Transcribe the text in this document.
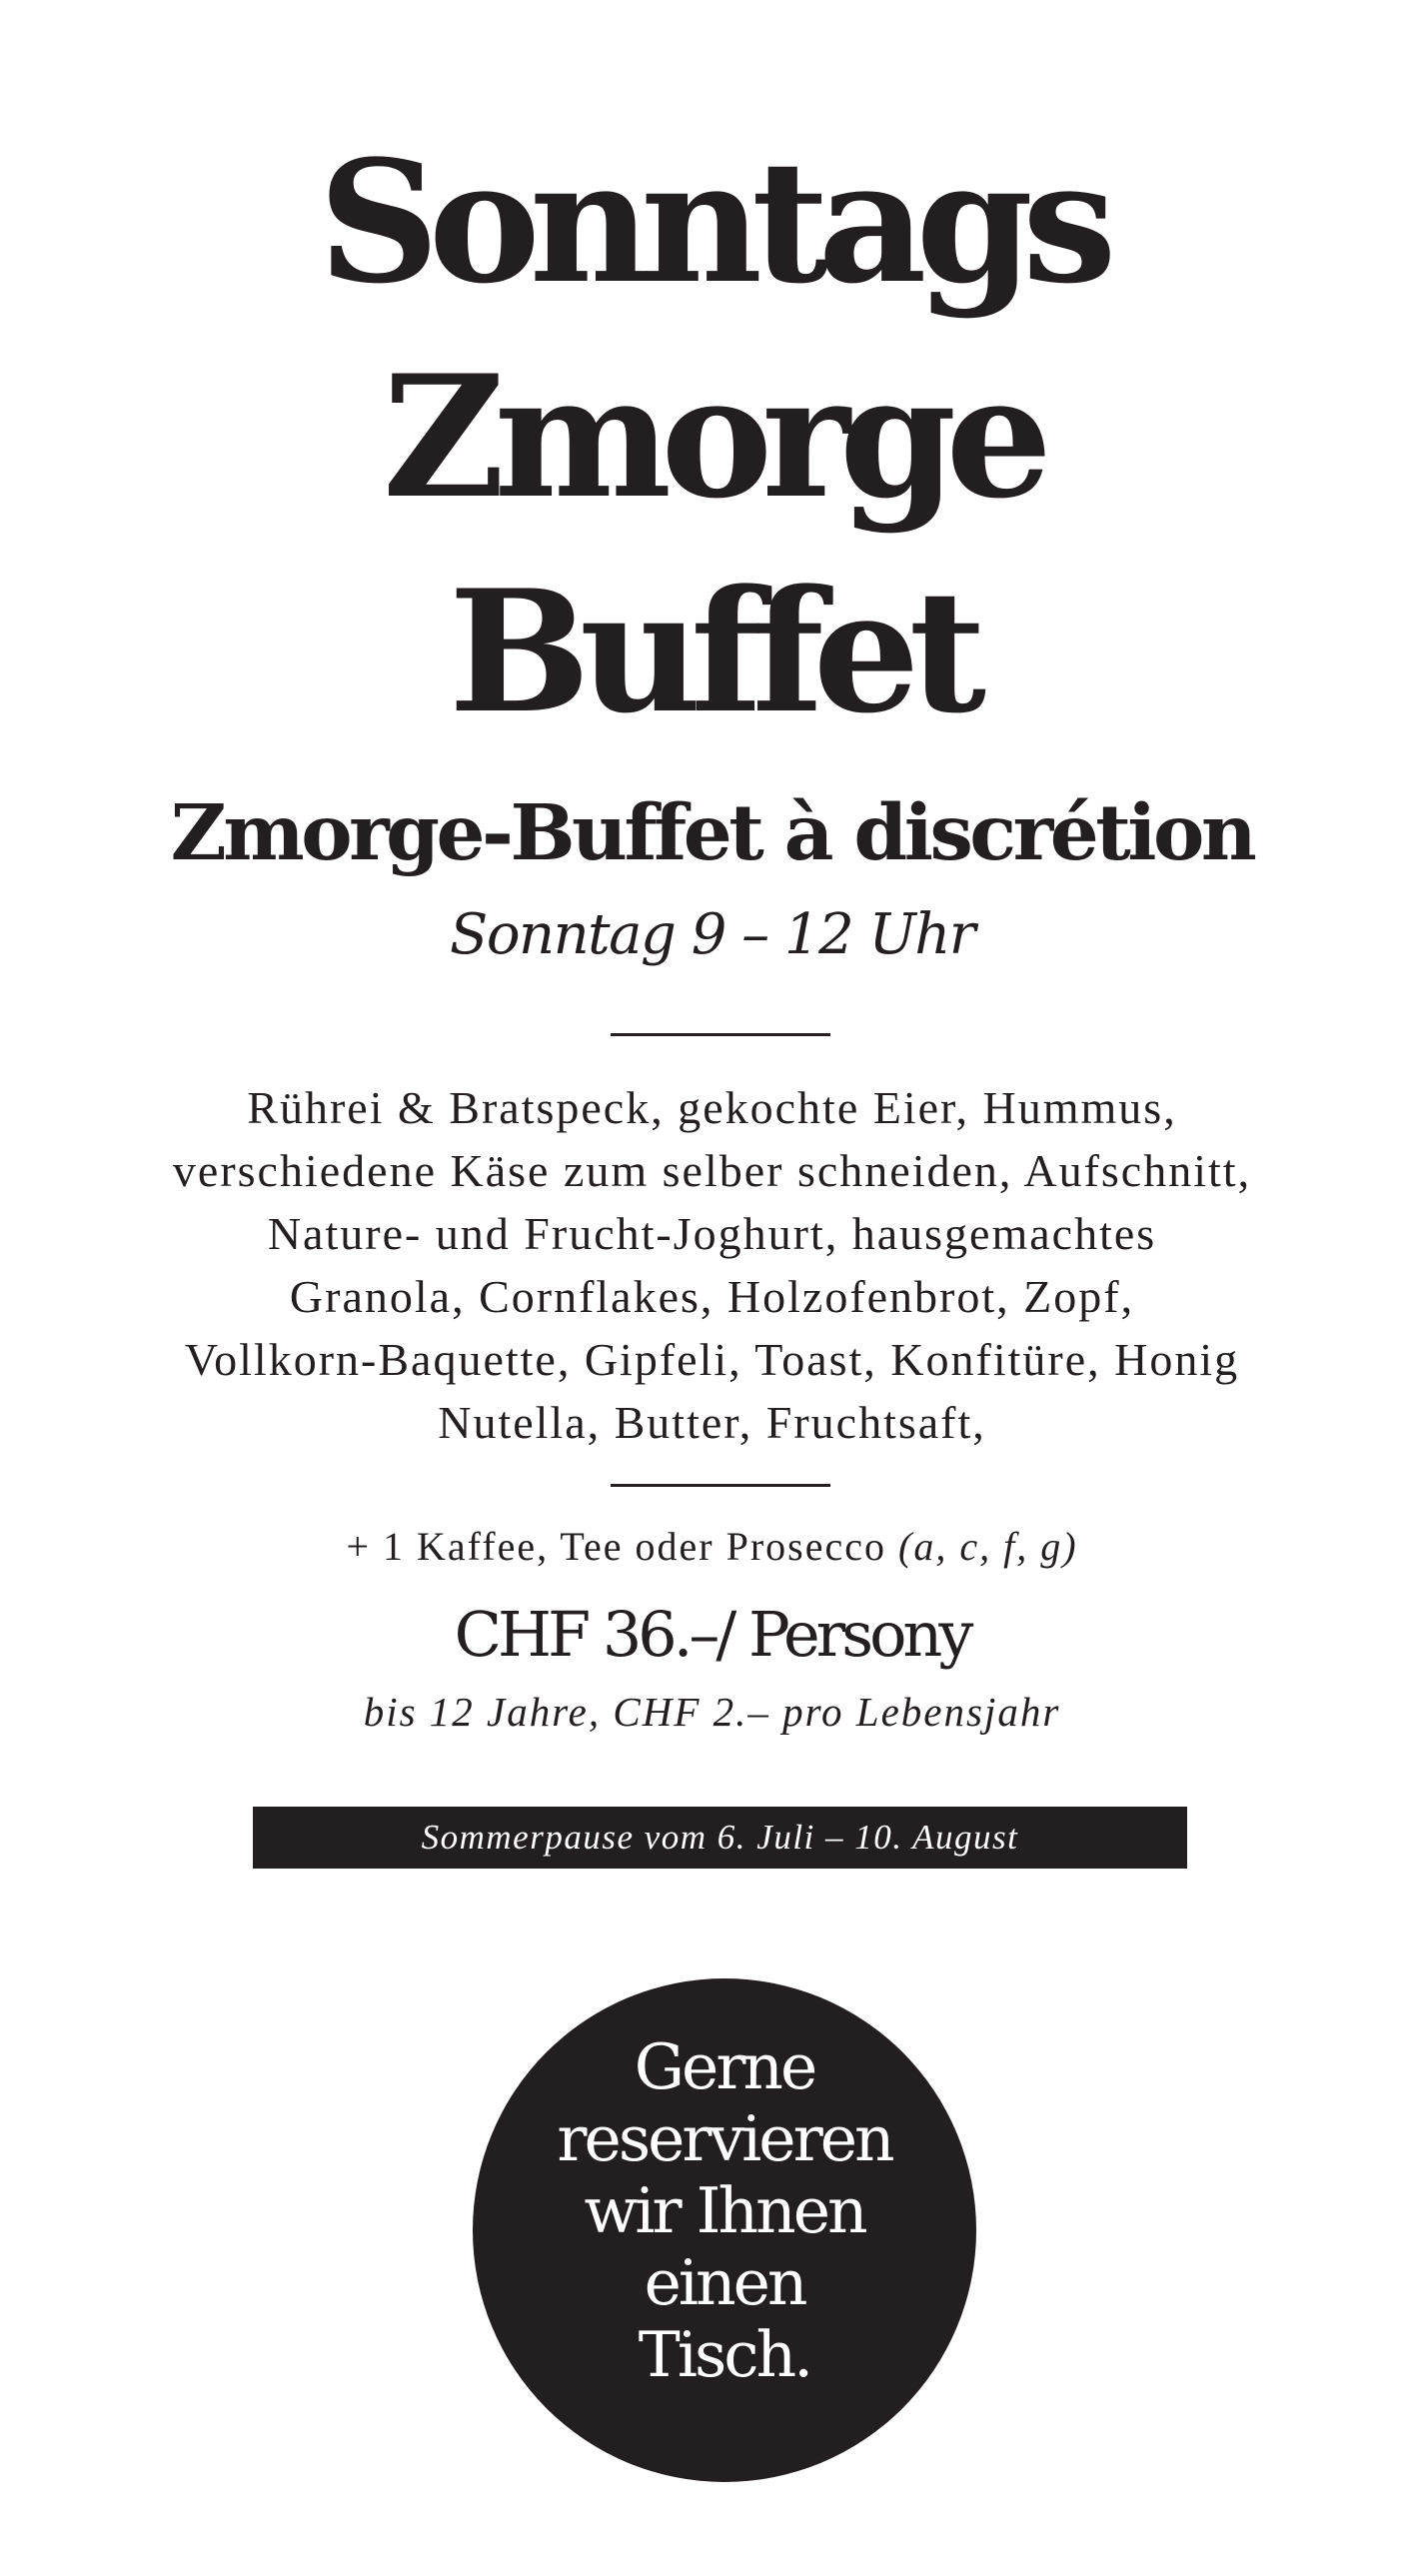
Sonntags
Zmorge
Buffet
Zmorge-Buffet à discrétion
Sonntag 9 – 12 Uhr
Rührei & Bratspeck, gekochte Eier, Hummus,
verschiedene Käse zum selber schneiden, Aufschnitt,
Nature- und Frucht-Joghurt, hausgemachtes
Granola, Cornflakes, Holzofenbrot, Zopf,
Vollkorn-Baquette, Gipfeli, Toast, Konfitüre, Honig
Nutella, Butter, Fruchtsaft,
+ 1 Kaffee, Tee oder Prosecco (a, c, f, g)
CHF 36.–/ Persony
bis 12 Jahre, CHF 2.– pro Lebensjahr
Sommerpause vom 6. Juli – 10. August
Gerne
reservieren
wir Ihnen
einen
Tisch.
